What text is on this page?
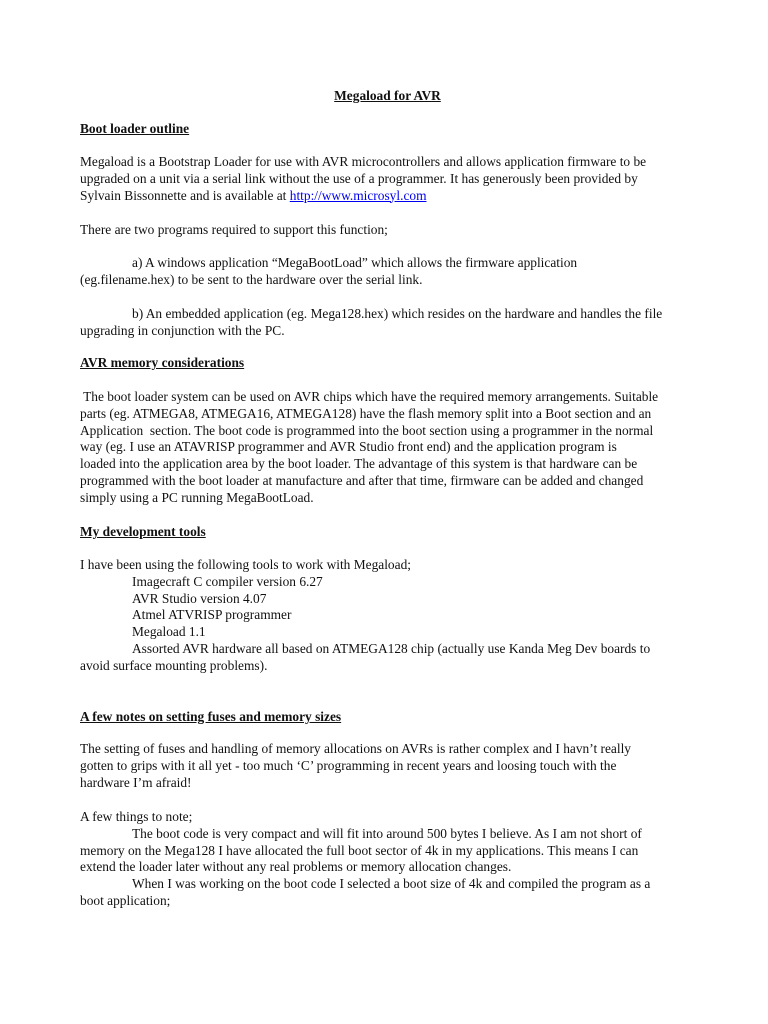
Megaload for AVR
Boot loader outline
Megaload is a Bootstrap Loader for use with AVR microcontrollers and allows application firmware to be
upgraded on a unit via a serial link without the use of a programmer. It has generously been provided by
Sylvain Bissonnette and is available at http://www.microsyl.com
There are two programs required to support this function;
a) A windows application “MegaBootLoad” which allows the firmware application
(eg.filename.hex) to be sent to the hardware over the serial link.
b) An embedded application (eg. Mega128.hex) which resides on the hardware and handles the file
upgrading in conjunction with the PC.
AVR memory considerations
The boot loader system can be used on AVR chips which have the required memory arrangements. Suitable
parts (eg. ATMEGA8, ATMEGA16, ATMEGA128) have the flash memory split into a Boot section and an
Application  section. The boot code is programmed into the boot section using a programmer in the normal
way (eg. I use an ATAVRISP programmer and AVR Studio front end) and the application program is
loaded into the application area by the boot loader. The advantage of this system is that hardware can be
programmed with the boot loader at manufacture and after that time, firmware can be added and changed
simply using a PC running MegaBootLoad.
My development tools
I have been using the following tools to work with Megaload;
Imagecraft C compiler version 6.27
AVR Studio version 4.07
Atmel ATVRISP programmer
Megaload 1.1
Assorted AVR hardware all based on ATMEGA128 chip (actually use Kanda Meg Dev boards to
avoid surface mounting problems).
A few notes on setting fuses and memory sizes
The setting of fuses and handling of memory allocations on AVRs is rather complex and I havn’t really
gotten to grips with it all yet - too much ‘C’ programming in recent years and loosing touch with the
hardware I’m afraid!
A few things to note;
The boot code is very compact and will fit into around 500 bytes I believe. As I am not short of
memory on the Mega128 I have allocated the full boot sector of 4k in my applications. This means I can
extend the loader later without any real problems or memory allocation changes.
When I was working on the boot code I selected a boot size of 4k and compiled the program as a
boot application;
